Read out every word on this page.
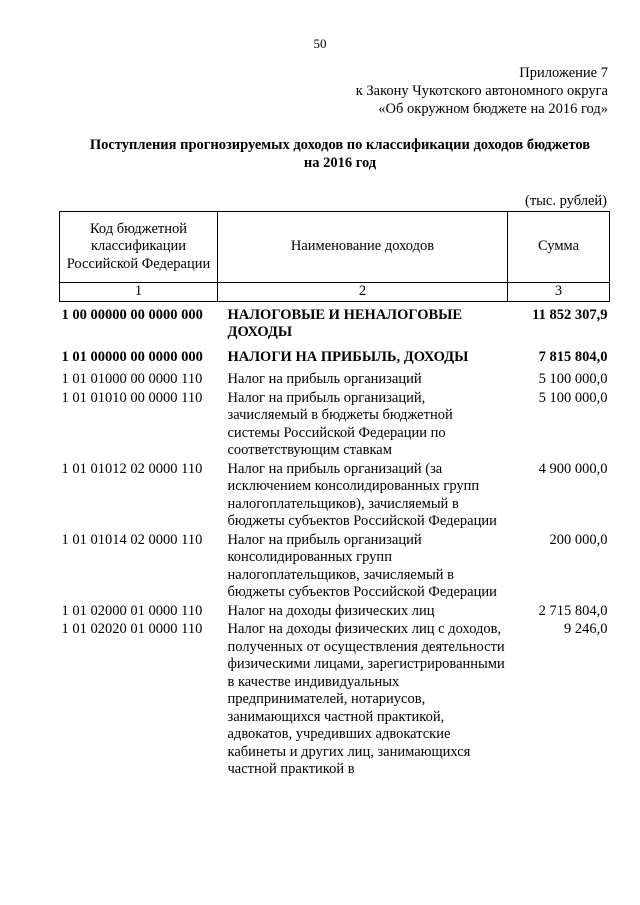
50
Приложение 7
к Закону Чукотского автономного округа
«Об окружном бюджете на 2016 год»
Поступления прогнозируемых доходов по классификации доходов бюджетов
на 2016 год
(тыс. рублей)
Код бюджетной классификации Российской Федерации	Наименование доходов	Сумма
1	2	3
1 00 00000 00 0000 000	НАЛОГОВЫЕ И НЕНАЛОГОВЫЕ ДОХОДЫ	11 852 307,9
1 01 00000 00 0000 000	НАЛОГИ НА ПРИБЫЛЬ, ДОХОДЫ	7 815 804,0
1 01 01000 00 0000 110	Налог на прибыль организаций	5 100 000,0
1 01 01010 00 0000 110	Налог на прибыль организаций, зачисляемый в бюджеты бюджетной системы Российской Федерации по соответствующим ставкам	5 100 000,0
1 01 01012 02 0000 110	Налог на прибыль организаций (за исключением консолидированных групп налогоплательщиков), зачисляемый в бюджеты субъектов Российской Федерации	4 900 000,0
1 01 01014 02 0000 110	Налог на прибыль организаций консолидированных групп налогоплательщиков, зачисляемый в бюджеты субъектов Российской Федерации	200 000,0
1 01 02000 01 0000 110	Налог на доходы физических лиц	2 715 804,0
1 01 02020 01 0000 110	Налог на доходы физических лиц с доходов, полученных от осуществления деятельности физическими лицами, зарегистрированными в качестве индивидуальных предпринимателей, нотариусов, занимающихся частной практикой, адвокатов, учредивших адвокатские кабинеты и других лиц, занимающихся частной практикой в	9 246,0
